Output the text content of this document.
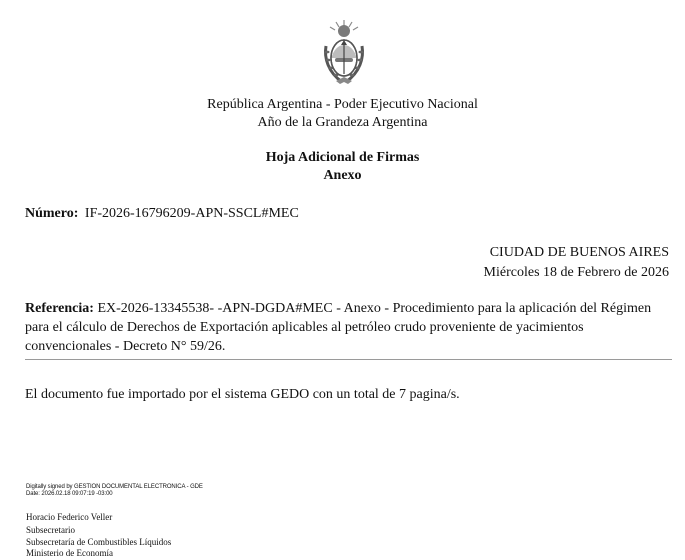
República Argentina - Poder Ejecutivo Nacional
Año de la Grandeza Argentina
Hoja Adicional de Firmas
Anexo
Número: IF-2026-16796209-APN-SSCL#MEC
CIUDAD DE BUENOS AIRES
Miércoles 18 de Febrero de 2026
Referencia: EX-2026-13345538- -APN-DGDA#MEC - Anexo - Procedimiento para la aplicación del Régimen para el cálculo de Derechos de Exportación aplicables al petróleo crudo proveniente de yacimientos convencionales - Decreto N° 59/26.
El documento fue importado por el sistema GEDO con un total de 7 pagina/s.
Digitally signed by GESTION DOCUMENTAL ELECTRONICA - GDE
Date: 2026.02.18 09:07:19 -03:00
Horacio Federico Veller
Subsecretario
Subsecretaría de Combustibles Líquidos
Ministerio de Economía
